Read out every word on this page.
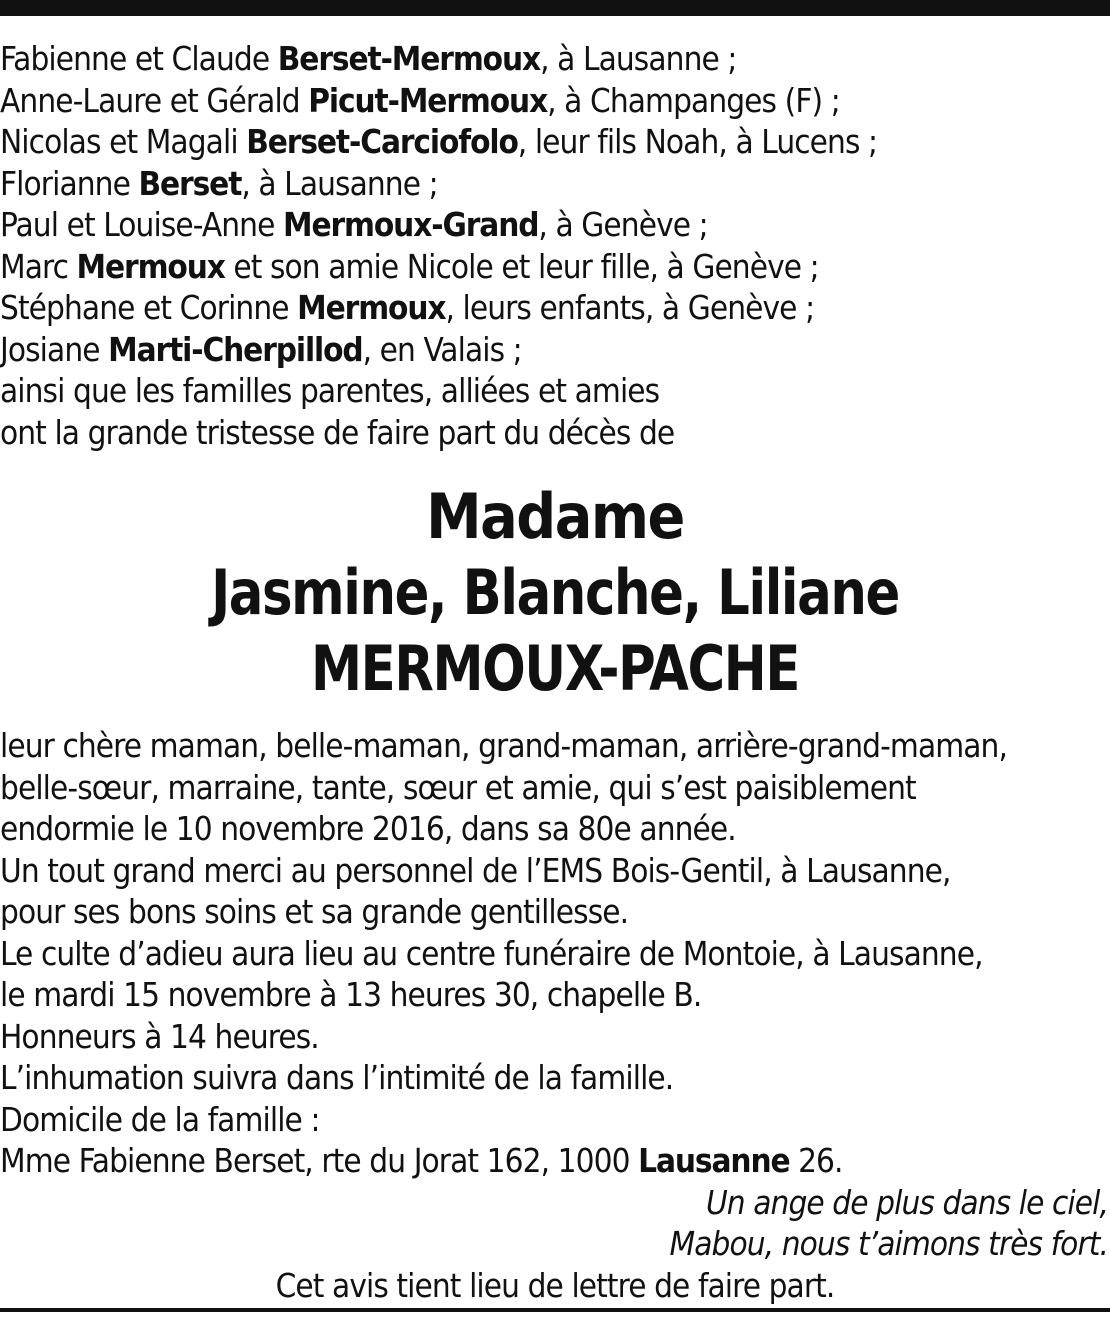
Fabienne et Claude Berset-Mermoux, à Lausanne ;
Anne-Laure et Gérald Picut-Mermoux, à Champanges (F) ;
Nicolas et Magali Berset-Carciofolo, leur fils Noah, à Lucens ;
Florianne Berset, à Lausanne ;
Paul et Louise-Anne Mermoux-Grand, à Genève ;
Marc Mermoux et son amie Nicole et leur fille, à Genève ;
Stéphane et Corinne Mermoux, leurs enfants, à Genève ;
Josiane Marti-Cherpillod, en Valais ;
ainsi que les familles parentes, alliées et amies
ont la grande tristesse de faire part du décès de
Madame
Jasmine, Blanche, Liliane
MERMOUX-PACHE
leur chère maman, belle-maman, grand-maman, arrière-grand-maman,
belle-sœur, marraine, tante, sœur et amie, qui s’est paisiblement
endormie le 10 novembre 2016, dans sa 80e année.
Un tout grand merci au personnel de l’EMS Bois-Gentil, à Lausanne,
pour ses bons soins et sa grande gentillesse.
Le culte d’adieu aura lieu au centre funéraire de Montoie, à Lausanne,
le mardi 15 novembre à 13 heures 30, chapelle B.
Honneurs à 14 heures.
L’inhumation suivra dans l’intimité de la famille.
Domicile de la famille :
Mme Fabienne Berset, rte du Jorat 162, 1000 Lausanne 26.
Un ange de plus dans le ciel,
Mabou, nous t’aimons très fort.
Cet avis tient lieu de lettre de faire part.
